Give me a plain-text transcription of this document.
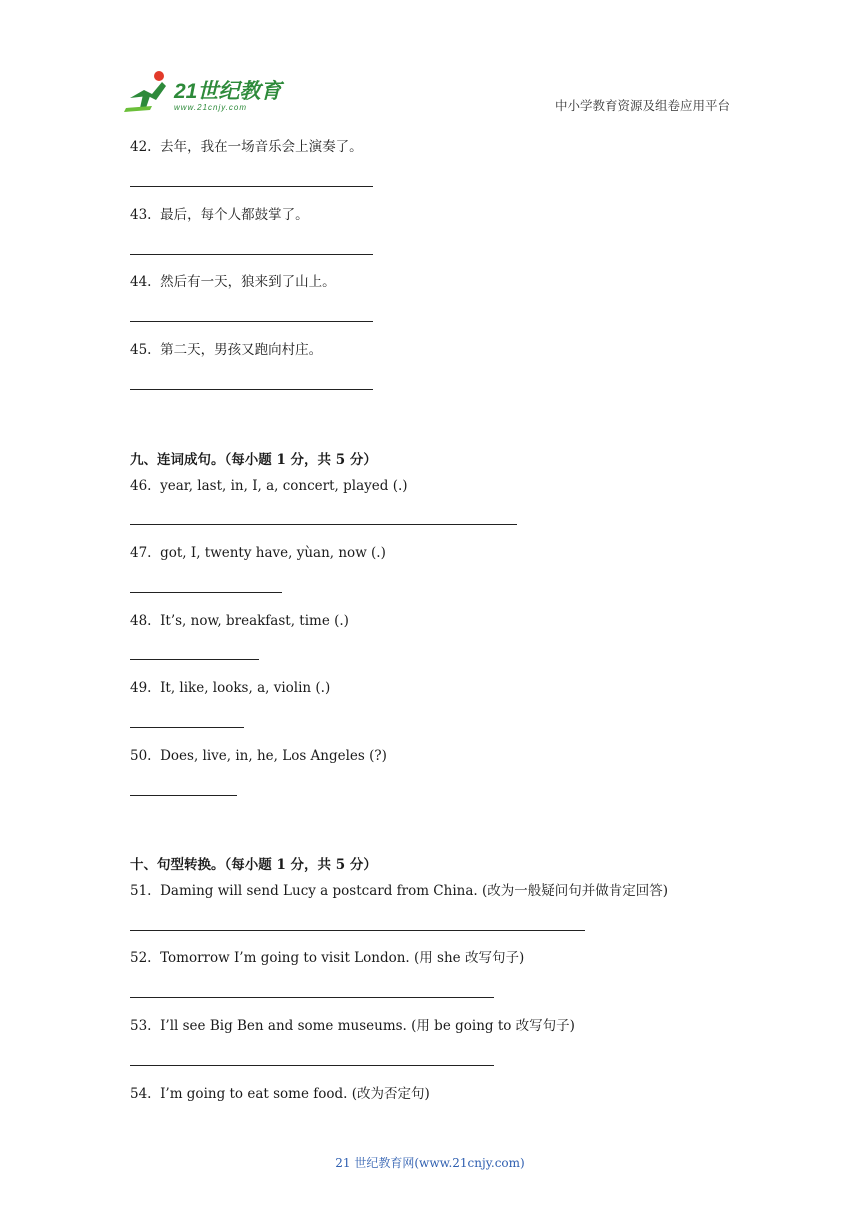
21世纪教育
www.21cnjy.com	中小学教育资源及组卷应用平台
42. 去年，我在一场音乐会上演奏了。
43. 最后，每个人都鼓掌了。
44. 然后有一天，狼来到了山上。
45. 第二天，男孩又跑向村庄。
九、连词成句。（每小题 1 分，共 5 分）
46. year, last, in, I, a, concert, played (.)
47. got, I, twenty have, yùan, now (.)
48. It’s, now, breakfast, time (.)
49. It, like, looks, a, violin (.)
50. Does, live, in, he, Los Angeles (?)
十、句型转换。（每小题 1 分，共 5 分）
51. Daming will send Lucy a postcard from China. (改为一般疑问句并做肯定回答)
52. Tomorrow I’m going to visit London. (用 she 改写句子)
53. I’ll see Big Ben and some museums. (用 be going to 改写句子)
54. I’m going to eat some food. (改为否定句)
21 世纪教育网(www.21cnjy.com)
